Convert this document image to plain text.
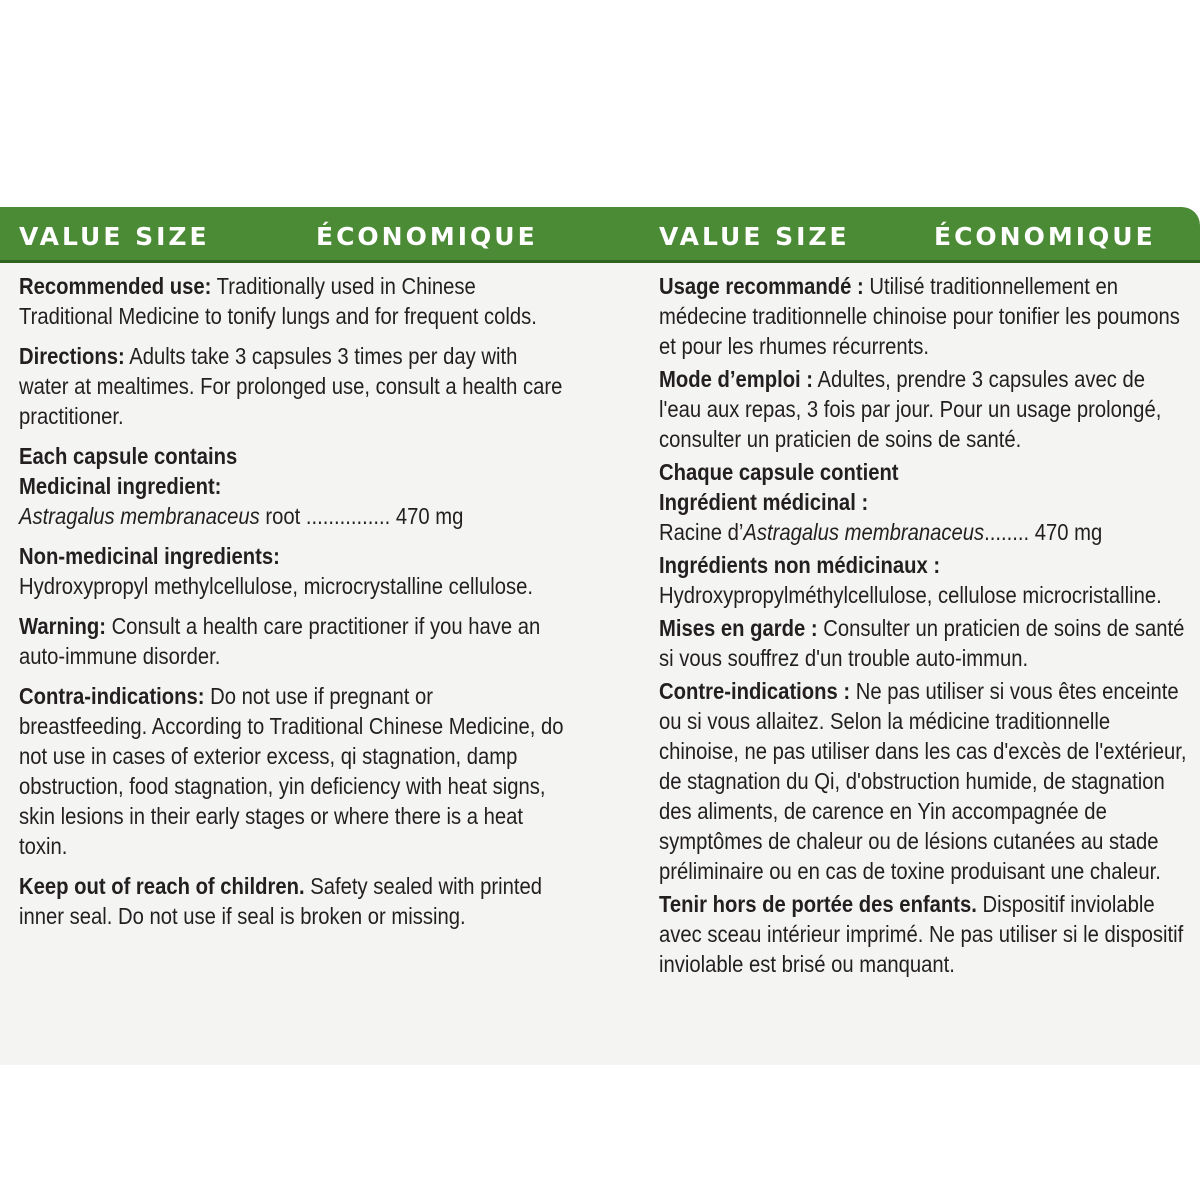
VALUE SIZE	ÉCONOMIQUE	VALUE SIZE	ÉCONOMIQUE

Recommended use: Traditionally used in Chinese Traditional Medicine to tonify lungs and for frequent colds.

Directions: Adults take 3 capsules 3 times per day with water at mealtimes. For prolonged use, consult a health care practitioner.

Each capsule contains
Medicinal ingredient:
Astragalus membranaceus root ............... 470 mg

Non-medicinal ingredients:
Hydroxypropyl methylcellulose, microcrystalline cellulose.

Warning: Consult a health care practitioner if you have an auto-immune disorder.

Contra-indications: Do not use if pregnant or breastfeeding. According to Traditional Chinese Medicine, do not use in cases of exterior excess, qi stagnation, damp obstruction, food stagnation, yin deficiency with heat signs, skin lesions in their early stages or where there is a heat toxin.

Keep out of reach of children. Safety sealed with printed inner seal. Do not use if seal is broken or missing.

Usage recommandé : Utilisé traditionnellement en médecine traditionnelle chinoise pour tonifier les poumons et pour les rhumes récurrents.

Mode d’emploi : Adultes, prendre 3 capsules avec de l'eau aux repas, 3 fois par jour. Pour un usage prolongé, consulter un praticien de soins de santé.

Chaque capsule contient
Ingrédient médicinal :
Racine d’Astragalus membranaceus........ 470 mg

Ingrédients non médicinaux :
Hydroxypropylméthylcellulose, cellulose microcristalline.

Mises en garde : Consulter un praticien de soins de santé si vous souffrez d'un trouble auto-immun.

Contre-indications : Ne pas utiliser si vous êtes enceinte ou si vous allaitez. Selon la médicine traditionnelle chinoise, ne pas utiliser dans les cas d'excès de l'extérieur, de stagnation du Qi, d'obstruction humide, de stagnation des aliments, de carence en Yin accompagnée de symptômes de chaleur ou de lésions cutanées au stade préliminaire ou en cas de toxine produisant une chaleur.

Tenir hors de portée des enfants. Dispositif inviolable avec sceau intérieur imprimé. Ne pas utiliser si le dispositif inviolable est brisé ou manquant.
